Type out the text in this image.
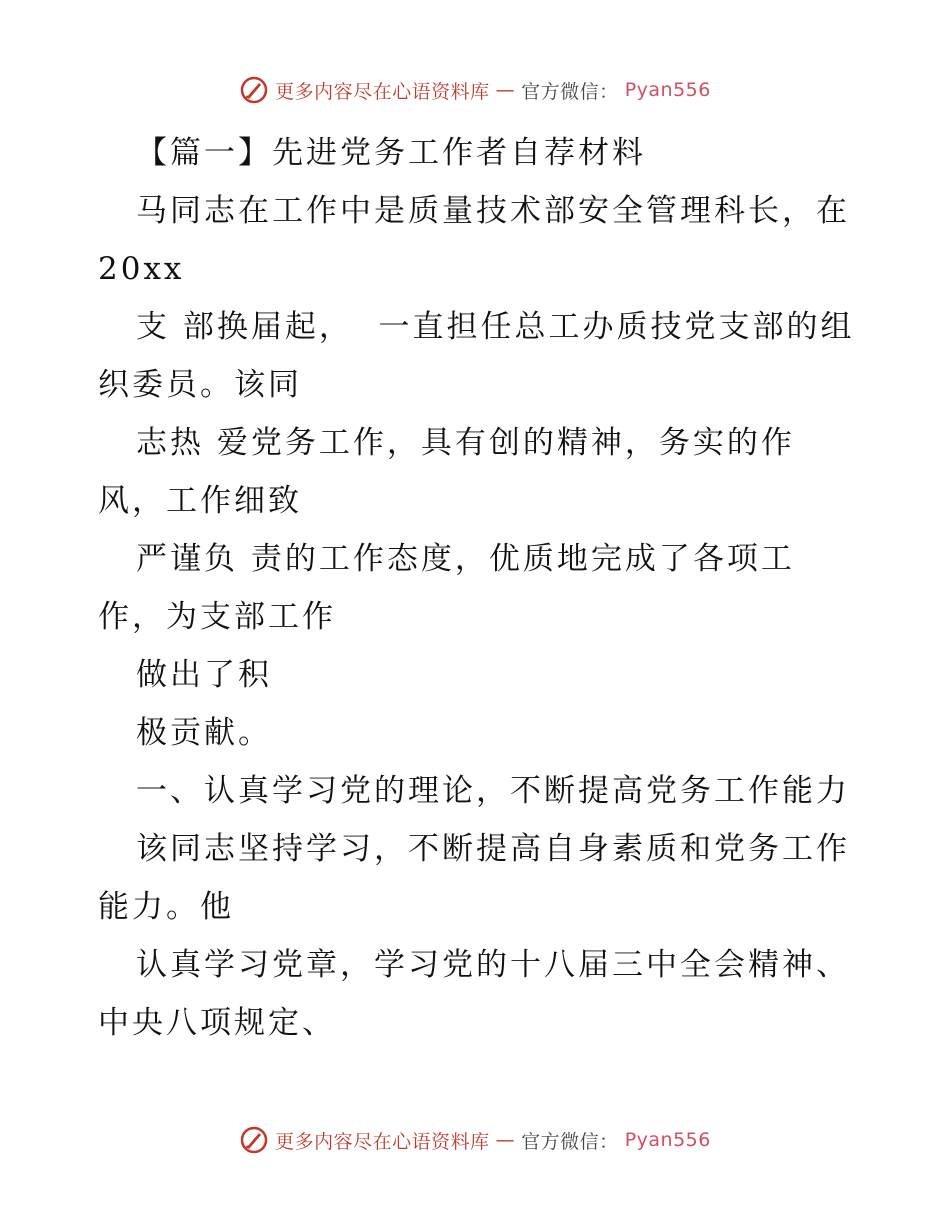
更多内容尽在心语资料库 — 官方微信： Pyan556
【篇一】先进党务工作者自荐材料
马同志在工作中是质量技术部安全管理科长，在
20xx
支 部换届起，  一直担任总工办质技党支部的组
织委员。该同
志热 爱党务工作，具有创的精神，务实的作
风，工作细致
严谨负 责的工作态度，优质地完成了各项工
作，为支部工作
做出了积
极贡献。
一、认真学习党的理论，不断提高党务工作能力
该同志坚持学习，不断提高自身素质和党务工作
能力。他
认真学习党章，学习党的十八届三中全会精神、
中央八项规定、
更多内容尽在心语资料库 — 官方微信： Pyan556
